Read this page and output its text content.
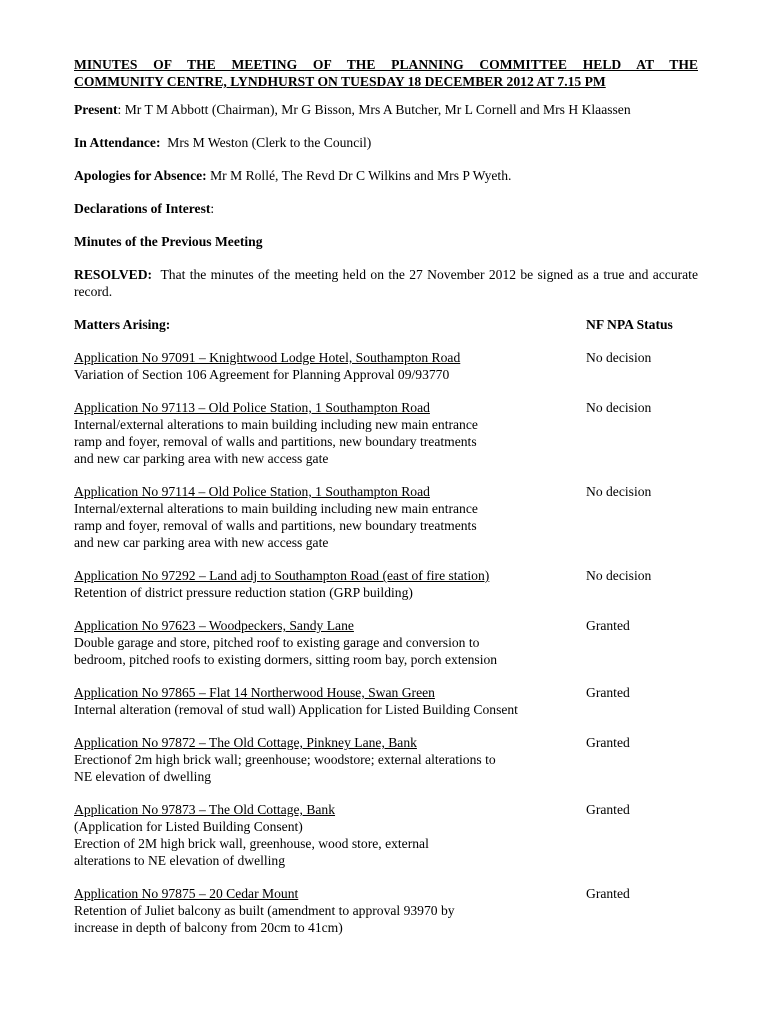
MINUTES OF THE MEETING OF THE PLANNING COMMITTEE HELD AT THE
COMMUNITY CENTRE, LYNDHURST ON TUESDAY 18 DECEMBER 2012 AT 7.15 PM

Present: Mr T M Abbott (Chairman), Mr G Bisson, Mrs A Butcher, Mr L Cornell and Mrs H Klaassen

In Attendance:  Mrs M Weston (Clerk to the Council)

Apologies for Absence: Mr M Rollé, The Revd Dr C Wilkins and Mrs P Wyeth.

Declarations of Interest:

Minutes of the Previous Meeting

RESOLVED:  That the minutes of the meeting held on the 27 November 2012 be signed as a true and accurate record.

Matters Arising:	NF NPA Status
Application No 97091 – Knightwood Lodge Hotel, Southampton Road
Variation of Section 106 Agreement for Planning Approval 09/93770
No decision
Application No 97113 – Old Police Station, 1 Southampton Road
Internal/external alterations to main building including new main entrance
ramp and foyer, removal of walls and partitions, new boundary treatments
and new car parking area with new access gate
No decision
Application No 97114 – Old Police Station, 1 Southampton Road
Internal/external alterations to main building including new main entrance
ramp and foyer, removal of walls and partitions, new boundary treatments
and new car parking area with new access gate
No decision
Application No 97292 – Land adj to Southampton Road (east of fire station)
Retention of district pressure reduction station (GRP building)
No decision
Application No 97623 – Woodpeckers, Sandy Lane
Double garage and store, pitched roof to existing garage and conversion to
bedroom, pitched roofs to existing dormers, sitting room bay, porch extension
Granted
Application No 97865 – Flat 14 Northerwood House, Swan Green
Internal alteration (removal of stud wall) Application for Listed Building Consent
Granted
Application No 97872 – The Old Cottage, Pinkney Lane, Bank
Erectionof 2m high brick wall; greenhouse; woodstore; external alterations to
NE elevation of dwelling
Granted
Application No 97873 – The Old Cottage, Bank
(Application for Listed Building Consent)
Erection of 2M high brick wall, greenhouse, wood store, external
alterations to NE elevation of dwelling
Granted
Application No 97875 – 20 Cedar Mount
Retention of Juliet balcony as built (amendment to approval 93970 by
increase in depth of balcony from 20cm to 41cm)
Granted
